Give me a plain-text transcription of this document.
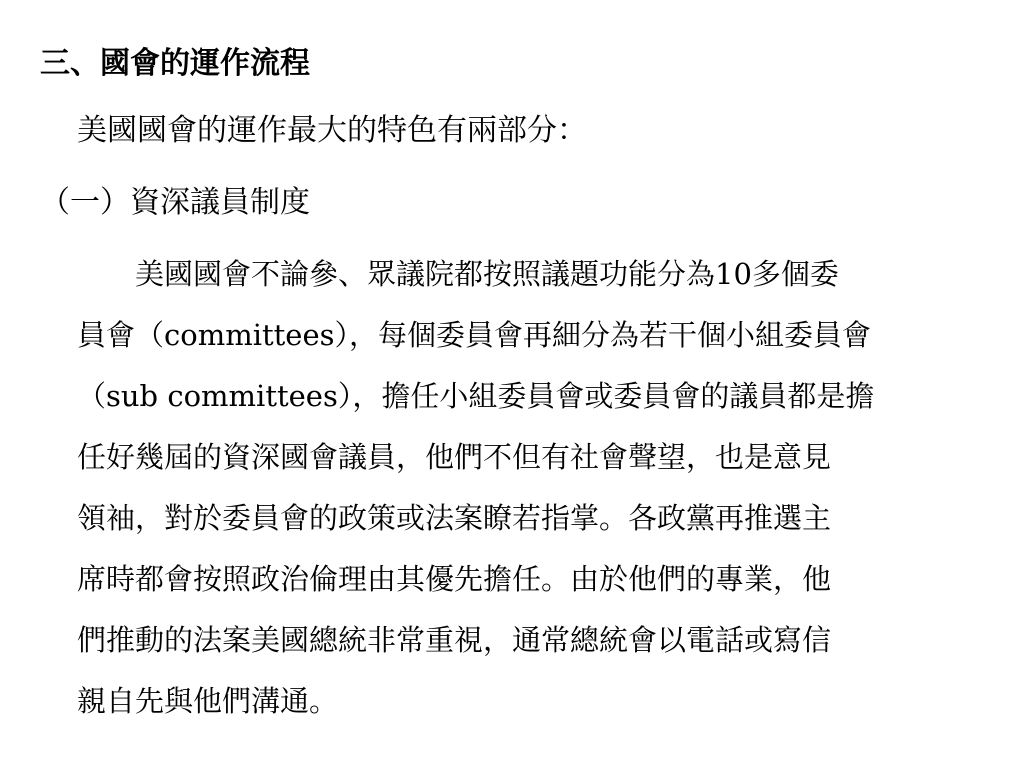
三、國會的運作流程
美國國會的運作最大的特色有兩部分：
（一）資深議員制度
美國國會不論參、眾議院都按照議題功能分為10多個委
員會（committees），每個委員會再細分為若干個小組委員會
（sub committees），擔任小組委員會或委員會的議員都是擔
任好幾屆的資深國會議員，他們不但有社會聲望，也是意見
領袖，對於委員會的政策或法案瞭若指掌。各政黨再推選主
席時都會按照政治倫理由其優先擔任。由於他們的專業，他
們推動的法案美國總統非常重視，通常總統會以電話或寫信
親自先與他們溝通。
